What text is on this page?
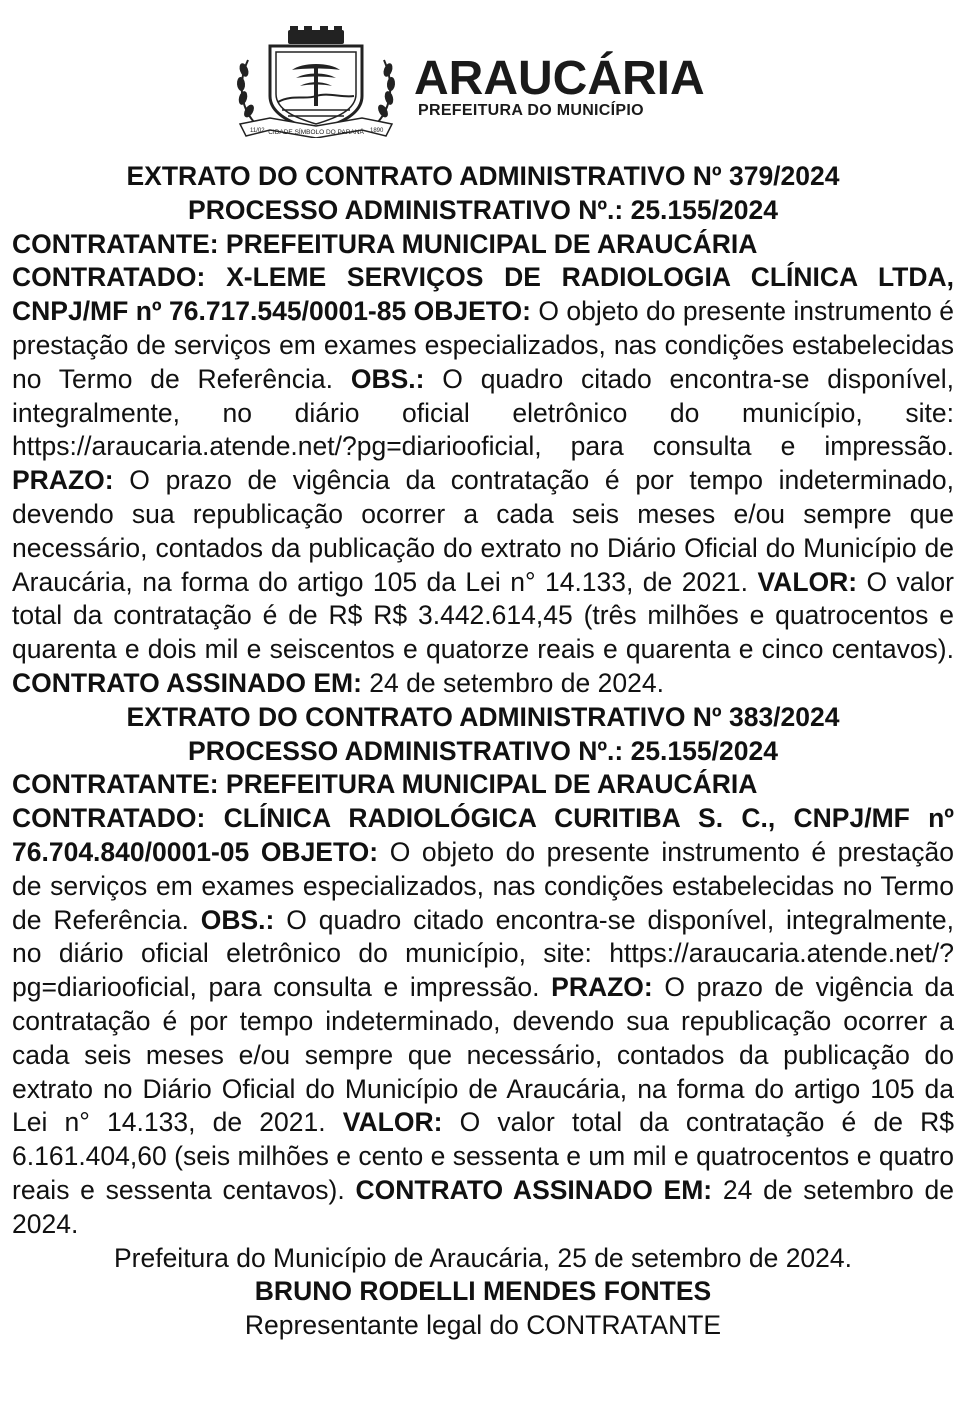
11/02 CIDADE SÍMBOLO DO PARANÁ 1890
ARAUCÁRIA
PREFEITURA DO MUNICÍPIO

EXTRATO DO CONTRATO ADMINISTRATIVO Nº 379/2024

PROCESSO ADMINISTRATIVO Nº.: 25.155/2024

CONTRATANTE: PREFEITURA MUNICIPAL DE ARAUCÁRIA

CONTRATADO: X-LEME SERVIÇOS DE RADIOLOGIA CLÍNICA LTDA, CNPJ/MF nº 76.717.545/0001-85 OBJETO: O objeto do presente instrumento é prestação de serviços em exames especializados, nas condições estabelecidas no Termo de Referência. OBS.: O quadro citado encontra-se disponível, integralmente, no diário oficial eletrônico do município, site: https://araucaria.atende.net/?pg=diariooficial, para consulta e impressão. PRAZO: O prazo de vigência da contratação é por tempo indeterminado, devendo sua republicação ocorrer a cada seis meses e/ou sempre que necessário, contados da publicação do extrato no Diário Oficial do Município de Araucária, na forma do artigo 105 da Lei n° 14.133, de 2021. VALOR: O valor total da contratação é de R$ R$ 3.442.614,45 (três milhões e quatrocentos e quarenta e dois mil e seiscentos e quatorze reais e quarenta e cinco centavos). CONTRATO ASSINADO EM: 24 de setembro de 2024.

EXTRATO DO CONTRATO ADMINISTRATIVO Nº 383/2024

PROCESSO ADMINISTRATIVO Nº.: 25.155/2024

CONTRATANTE: PREFEITURA MUNICIPAL DE ARAUCÁRIA

CONTRATADO: CLÍNICA RADIOLÓGICA CURITIBA S. C., CNPJ/MF nº 76.704.840/0001-05 OBJETO: O objeto do presente instrumento é prestação de serviços em exames especializados, nas condições estabelecidas no Termo de Referência. OBS.: O quadro citado encontra-se disponível, integralmente, no diário oficial eletrônico do município, site: https://araucaria.atende.net/?pg=diariooficial, para consulta e impressão. PRAZO: O prazo de vigência da contratação é por tempo indeterminado, devendo sua republicação ocorrer a cada seis meses e/ou sempre que necessário, contados da publicação do extrato no Diário Oficial do Município de Araucária, na forma do artigo 105 da Lei n° 14.133, de 2021. VALOR: O valor total da contratação é de R$ 6.161.404,60 (seis milhões e cento e sessenta e um mil e quatrocentos e quatro reais e sessenta centavos). CONTRATO ASSINADO EM: 24 de setembro de 2024.

Prefeitura do Município de Araucária, 25 de setembro de 2024.

BRUNO RODELLI MENDES FONTES

Representante legal do CONTRATANTE
